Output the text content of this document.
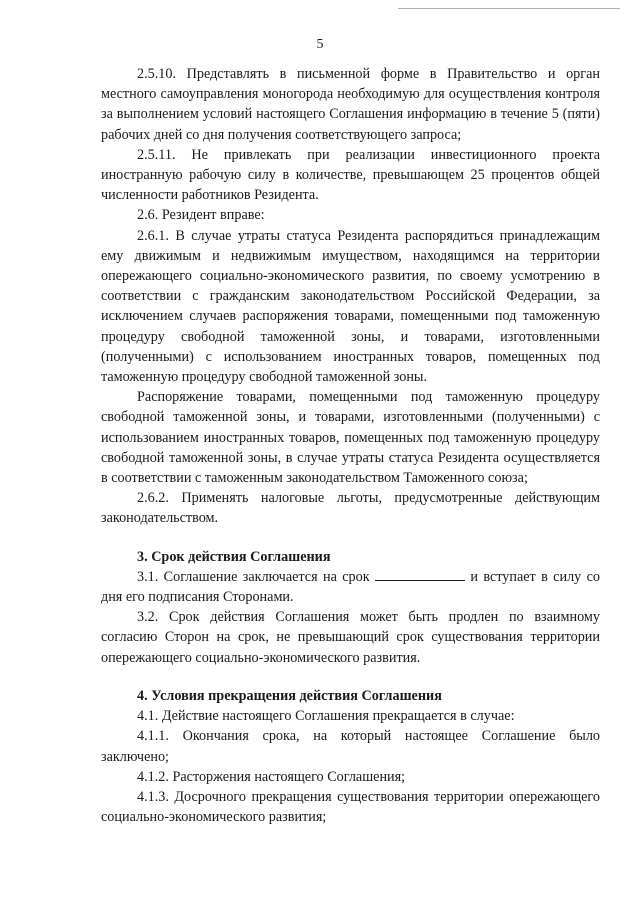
5

2.5.10. Представлять в письменной форме в Правительство и орган местного самоуправления моногорода необходимую для осуществления контроля за выполнением условий настоящего Соглашения информацию в течение 5 (пяти) рабочих дней со дня получения соответствующего запроса;

2.5.11. Не привлекать при реализации инвестиционного проекта иностранную рабочую силу в количестве, превышающем 25 процентов общей численности работников Резидента.

2.6. Резидент вправе:

2.6.1. В случае утраты статуса Резидента распорядиться принадлежащим ему движимым и недвижимым имуществом, находящимся на территории опережающего социально-экономического развития, по своему усмотрению в соответствии с гражданским законодательством Российской Федерации, за исключением случаев распоряжения товарами, помещенными под таможенную процедуру свободной таможенной зоны, и товарами, изготовленными (полученными) с использованием иностранных товаров, помещенных под таможенную процедуру свободной таможенной зоны.

Распоряжение товарами, помещенными под таможенную процедуру свободной таможенной зоны, и товарами, изготовленными (полученными) с использованием иностранных товаров, помещенных под таможенную процедуру свободной таможенной зоны, в случае утраты статуса Резидента осуществляется в соответствии с таможенным законодательством Таможенного союза;

2.6.2. Применять налоговые льготы, предусмотренные действующим законодательством.

3. Срок действия Соглашения

3.1. Соглашение заключается на срок	и вступает в силу со дня его подписания Сторонами.

3.2. Срок действия Соглашения может быть продлен по взаимному согласию Сторон на срок, не превышающий срок существования территории опережающего социально-экономического развития.

4. Условия прекращения действия Соглашения

4.1. Действие настоящего Соглашения прекращается в случае:

4.1.1. Окончания срока, на который настоящее Соглашение было заключено;

4.1.2. Расторжения настоящего Соглашения;

4.1.3. Досрочного прекращения существования территории опережающего социально-экономического развития;
